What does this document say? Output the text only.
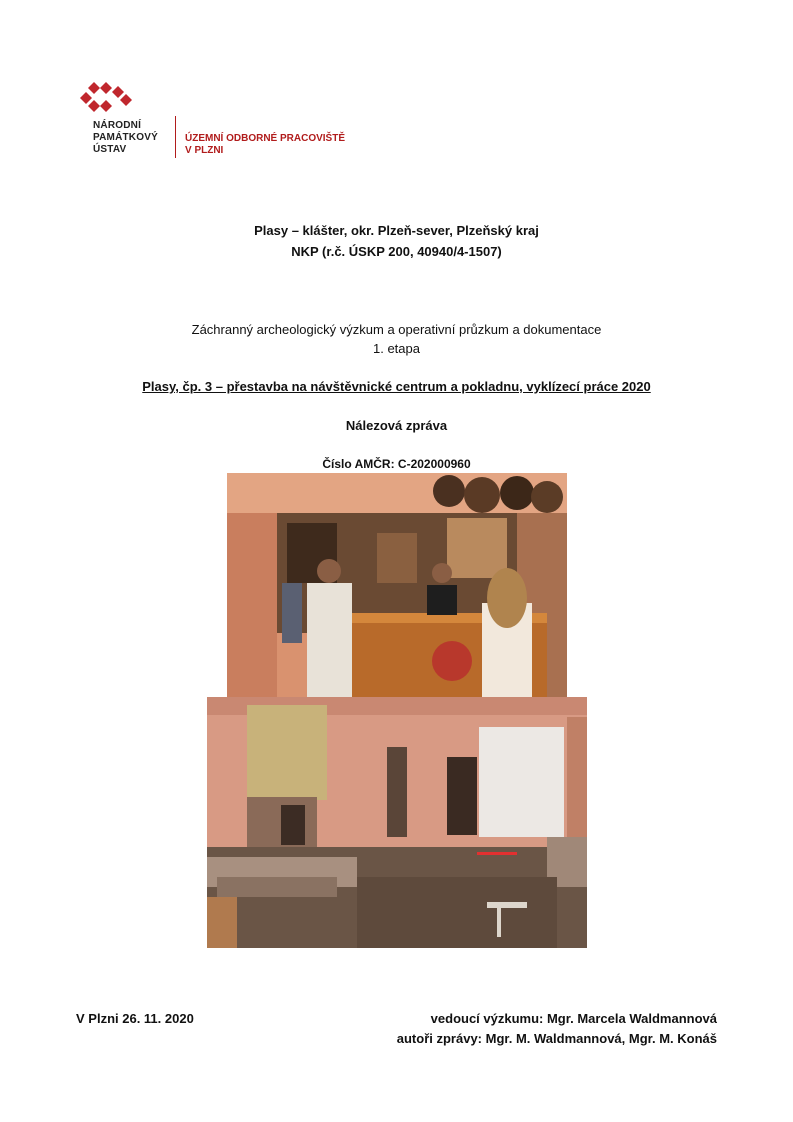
NÁRODNÍ
PAMÁTKOVÝ
ÚSTAV
ÚZEMNÍ ODBORNÉ PRACOVIŠTĚ
V PLZNI
Plasy – klášter, okr. Plzeň-sever, Plzeňský kraj
NKP (r.č. ÚSKP 200, 40940/4-1507)
Záchranný archeologický výzkum a operativní průzkum a dokumentace
1. etapa
Plasy, čp. 3 – přestavba na návštěvnické centrum a pokladnu, vyklízecí práce 2020
Nálezová zpráva
Číslo AMČR: C-202000960
V Plzni 26. 11. 2020	vedoucí výzkumu: Mgr. Marcela Waldmannová
autoři zprávy: Mgr. M. Waldmannová, Mgr. M. Konáš
